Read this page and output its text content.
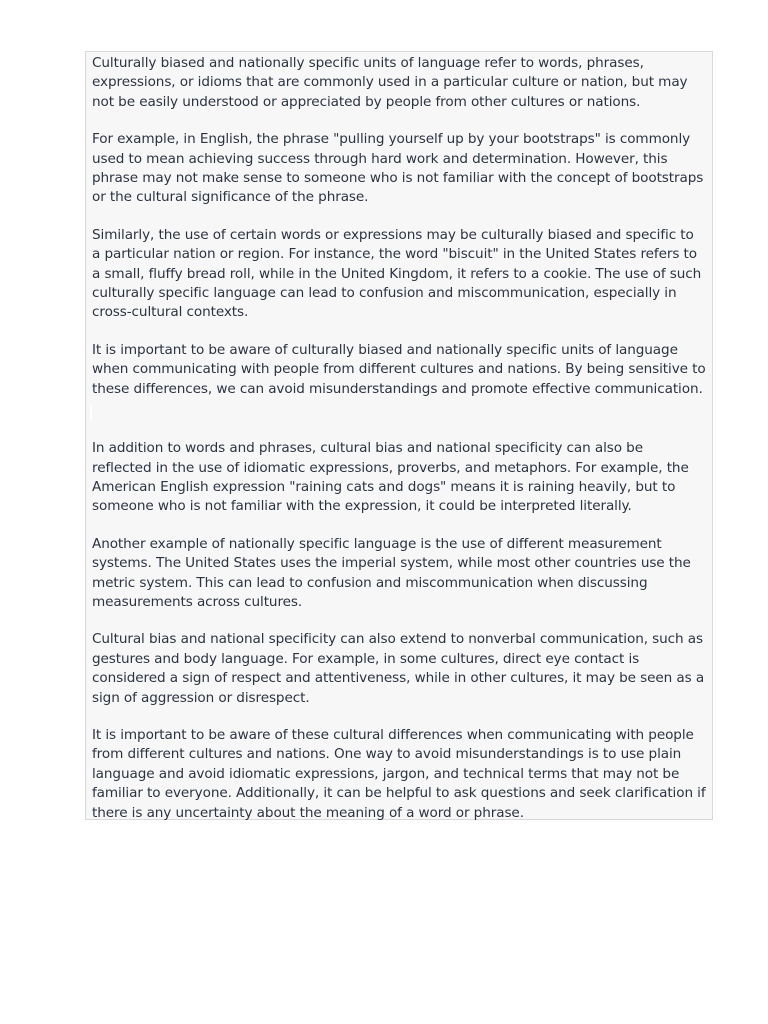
Culturally biased and nationally specific units of language refer to words, phrases, expressions, or idioms that are commonly used in a particular culture or nation, but may not be easily understood or appreciated by people from other cultures or nations.

For example, in English, the phrase "pulling yourself up by your bootstraps" is commonly used to mean achieving success through hard work and determination. However, this phrase may not make sense to someone who is not familiar with the concept of bootstraps or the cultural significance of the phrase.

Similarly, the use of certain words or expressions may be culturally biased and specific to a particular nation or region. For instance, the word "biscuit" in the United States refers to a small, fluffy bread roll, while in the United Kingdom, it refers to a cookie. The use of such culturally specific language can lead to confusion and miscommunication, especially in cross-cultural contexts.

It is important to be aware of culturally biased and nationally specific units of language when communicating with people from different cultures and nations. By being sensitive to these differences, we can avoid misunderstandings and promote effective communication.

In addition to words and phrases, cultural bias and national specificity can also be reflected in the use of idiomatic expressions, proverbs, and metaphors. For example, the American English expression "raining cats and dogs" means it is raining heavily, but to someone who is not familiar with the expression, it could be interpreted literally.

Another example of nationally specific language is the use of different measurement systems. The United States uses the imperial system, while most other countries use the metric system. This can lead to confusion and miscommunication when discussing measurements across cultures.

Cultural bias and national specificity can also extend to nonverbal communication, such as gestures and body language. For example, in some cultures, direct eye contact is considered a sign of respect and attentiveness, while in other cultures, it may be seen as a sign of aggression or disrespect.

It is important to be aware of these cultural differences when communicating with people from different cultures and nations. One way to avoid misunderstandings is to use plain language and avoid idiomatic expressions, jargon, and technical terms that may not be familiar to everyone. Additionally, it can be helpful to ask questions and seek clarification if there is any uncertainty about the meaning of a word or phrase.
